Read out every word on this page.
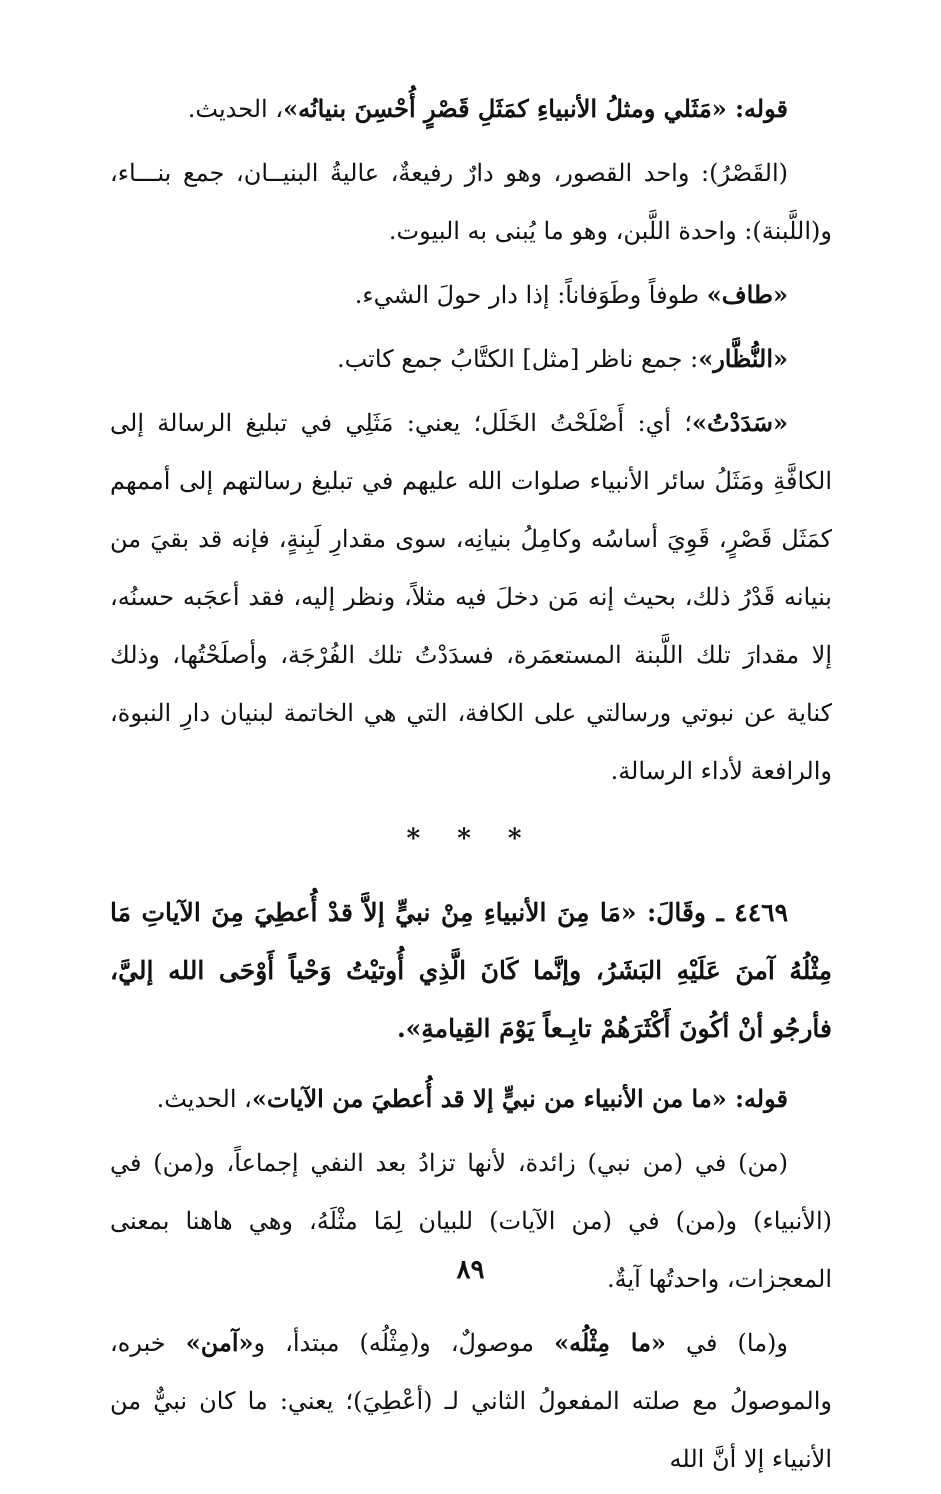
قوله: «مَثَلي ومثلُ الأنبياءِ كمَثَلِ قَصْرٍ أُحْسِنَ بنيانُه»، الحديث.

(القَصْرُ): واحد القصور، وهو دارٌ رفيعةٌ، عاليةُ البنيــان، جمع بنـــاء، و(اللَّبنة): واحدة اللَّبن، وهو ما يُبنى به البيوت.

«طاف» طوفاً وطَوَفاناً: إذا دار حولَ الشيء.

«النُّظَّار»: جمع ناظر [مثل] الكتَّابُ جمع كاتب.

«سَدَدْتُ»؛ أي: أَصْلَحْتُ الخَلَل؛ يعني: مَثَلِي في تبليغ الرسالة إلى الكافَّةِ ومَثَلُ سائر الأنبياء صلوات الله عليهم في تبليغ رسالتهم إلى أممهم كمَثَل قَصْرٍ، قَوِيَ أساسُه وكامِلُ بنيانِه، سوى مقدارِ لَبِنةٍ، فإنه قد بقيَ من بنيانه قَدْرُ ذلك، بحيث إنه مَن دخلَ فيه مثلاً، ونظر إليه، فقد أعجَبه حسنُه، إلا مقدارَ تلك اللَّبنة المستعمَرة، فسدَدْتُ تلك الفُرْجَة، وأصلَحْتُها، وذلك كناية عن نبوتي ورسالتي على الكافة، التي هي الخاتمة لبنيان دارِ النبوة، والرافعة لأداء الرسالة.

* * *

٤٤٦٩ ـ وقَالَ: «مَا مِنَ الأنبياءِ مِنْ نبيٍّ إلاَّ قدْ أُعطِيَ مِنَ الآياتِ مَا مِثْلُهُ آمنَ عَلَيْهِ البَشَرُ، وإنَّما كَانَ الَّذِي أُوتيْتُ وَحْياً أَوْحَى الله إليَّ، فأرجُو أنْ أكُونَ أَكْثَرَهُمْ تابِـعاً يَوْمَ القِيامةِ».

قوله: «ما من الأنبياء من نبيٍّ إلا قد أُعطيَ من الآيات»، الحديث.

(من) في (من نبي) زائدة، لأنها تزادُ بعد النفي إجماعاً، و(من) في (الأنبياء) و(من) في (من الآيات) للبيان لِمَا مثْلَهُ، وهي هاهنا بمعنى المعجزات، واحدتُها آيةٌ.

و(ما) في «ما مِثْلُه» موصولٌ، و(مِثْلُه) مبتدأ، و«آمن» خبره، والموصولُ مع صلته المفعولُ الثاني لـ (أعْطِيَ)؛ يعني: ما كان نبيٌّ من الأنبياء إلا أنَّ الله

٨٩
